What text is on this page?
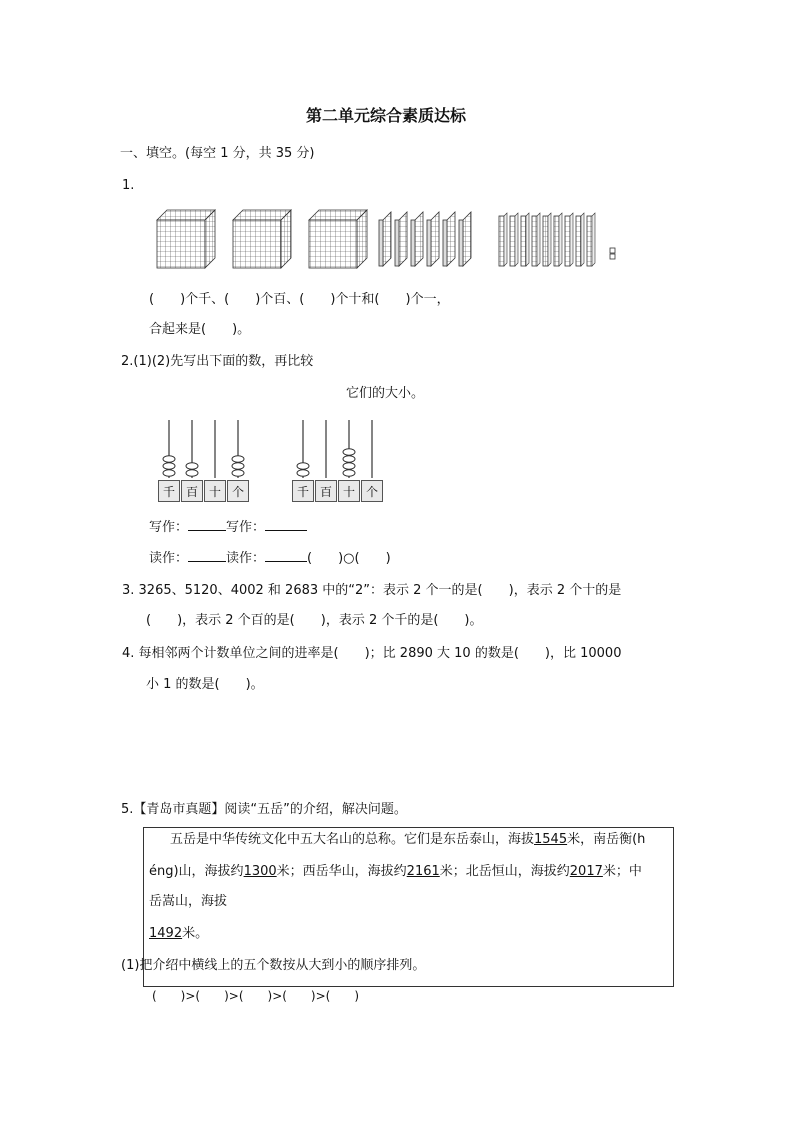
第二单元综合素质达标
一、填空。(每空 1 分，共 35 分)
1.
(　　)个千、(　　)个百、(　　)个十和(　　)个一，
合起来是(　　)。
2.(1)(2)先写出下面的数，再比较
它们的大小。
千 百 十 个	千 百 十 个
写作：	写作：
读作：	读作：	(　　)○(　　)
3. 3265、5120、4002 和 2683 中的“2”：表示 2 个一的是(　　)，表示 2 个十的是
(　　)，表示 2 个百的是(　　)，表示 2 个千的是(　　)。
4. 每相邻两个计数单位之间的进率是(　　)；比 2890 大 10 的数是(　　)，比 10000
小 1 的数是(　　)。
5.【青岛市真题】阅读“五岳”的介绍，解决问题。
五岳是中华传统文化中五大名山的总称。它们是东岳泰山，海拔1545米，南岳衡(h
éng)山，海拔约1300米；西岳华山，海拔约2161米；北岳恒山，海拔约2017米；中
岳嵩山，海拔
1492米。
(1)把介绍中横线上的五个数按从大到小的顺序排列。
(　　)>(　　)>(　　)>(　　)>(　　)
